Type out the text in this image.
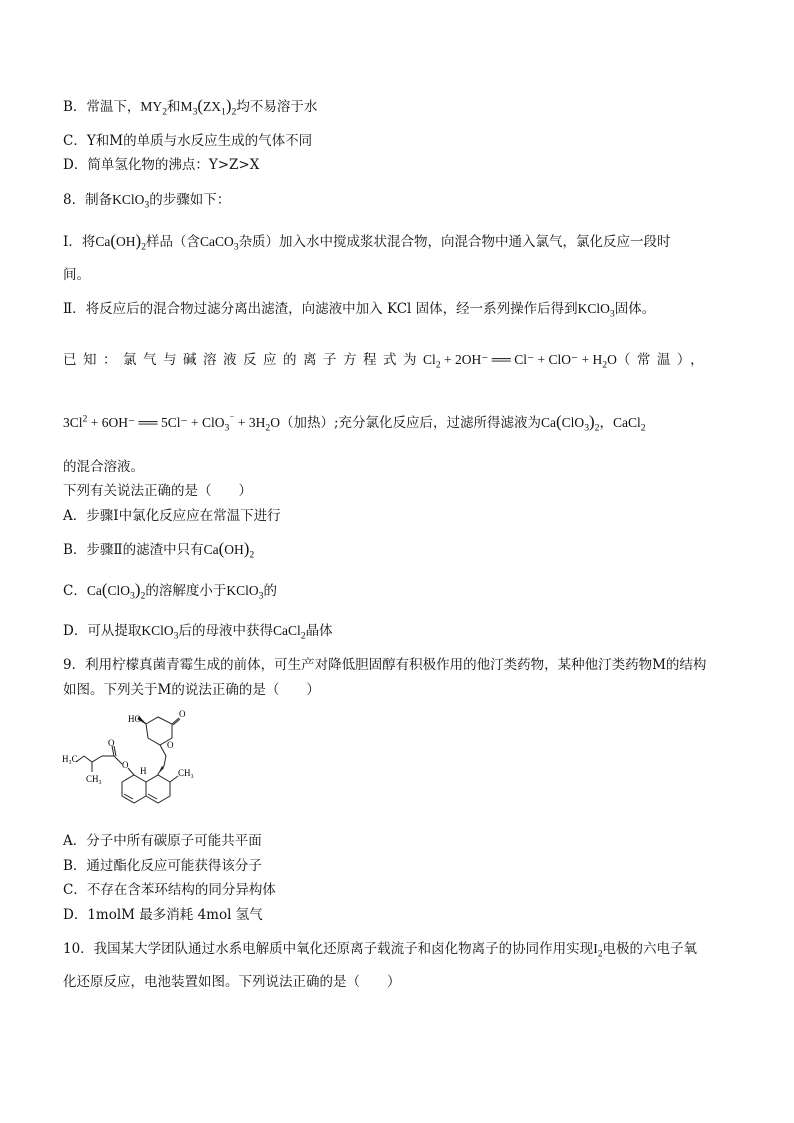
B．常温下，$MY_2$和$M_3(ZX_1)_2$均不易溶于水
C．Y和M的单质与水反应生成的气体不同
D．简单氢化物的沸点：Y>Z>X
8．制备KClO$_3$的步骤如下：
Ⅰ．将$Ca(OH)_2$样品（含CaCO$_3$杂质）加入水中搅成浆状混合物，向混合物中通入氯气，氯化反应一段时
间。
Ⅱ．将反应后的混合物过滤分离出滤渣，向滤液中加入 KCl 固体，经一系列操作后得到KClO$_3$固体。
已知：氯气与碱溶液反应的离子方程式为$Cl_2 + 2OH^-$ ══ $Cl^- + ClO^- + H_2O$（常温），
$3Cl^2 + 6OH^-$ ══ $5Cl^- + ClO_3^{^-} + 3H_2O$（加热）;充分氯化反应后，过滤所得滤液为$Ca(ClO_3)_2$，CaCl$_2$
的混合溶液。
下列有关说法正确的是（　　）
A．步骤Ⅰ中氯化反应应在常温下进行
B．步骤Ⅱ的滤渣中只有$Ca(OH)_2$
C．$Ca(ClO_3)_2$的溶解度小于KClO$_3$的
D．可从提取KClO$_3$后的母液中获得CaCl$_2$晶体
9．利用柠檬真菌青霉生成的前体，可生产对降低胆固醇有积极作用的他汀类药物，某种他汀类药物M的结构
如图。下列关于M的说法正确的是（　　）
HO
O
O
H₃C
CH₃
H
O
O
CH₃
A．分子中所有碳原子可能共平面
B．通过酯化反应可能获得该分子
C．不存在含苯环结构的同分异构体
D．1molM 最多消耗 4mol 氢气
10．我国某大学团队通过水系电解质中氧化还原离子载流子和卤化物离子的协同作用实现$I_2$电极的六电子氧
化还原反应，电池装置如图。下列说法正确的是（　　）
